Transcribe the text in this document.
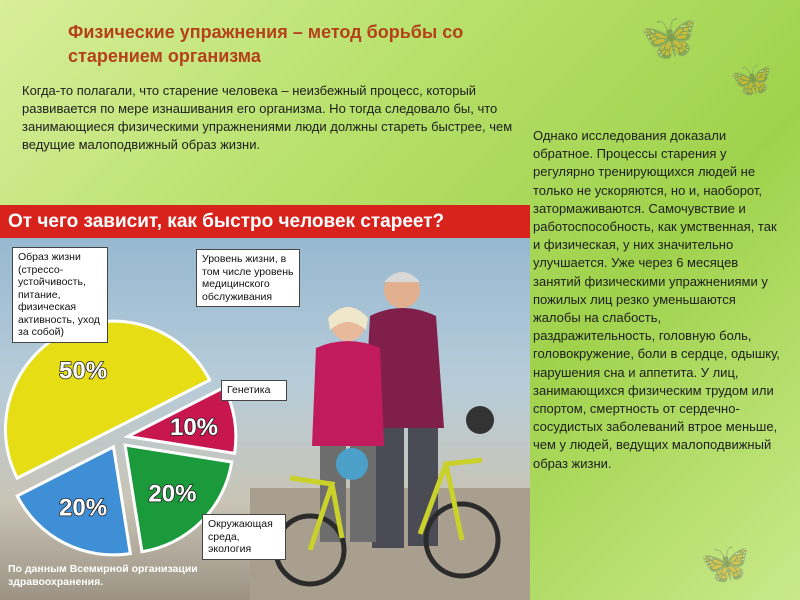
🦋
🦋
🦋
Физические упражнения – метод борьбы со старением организма
Когда-то полагали, что старение человека – неизбежный процесс, который развивается по мере изнашивания его организма. Но тогда следовало бы, что занимающиеся физическими упражнениями люди должны стареть быстрее, чем ведущие малоподвижный образ жизни.
Однако исследования доказали обратное. Процессы старения у регулярно тренирующихся людей не только не ускоряются, но и, наоборот, затормаживаются. Самочувствие и работоспособность, как умственная, так и физическая, у них значительно улучшается. Уже через 6 месяцев занятий физическими упражнениями у пожилых лиц резко уменьшаются жалобы на слабость, раздражительность, головную боль, головокружение, боли в сердце, одышку, нарушения сна и аппетита. У лиц, занимающихся физическим трудом или спортом, смертность от сердечно-сосудистых заболеваний втрое меньше, чем у людей, ведущих малоподвижный образ жизни.
От чего зависит, как быстро человек стареет?
10%
20%
20%
50%
Образ жизни (стрессо-устойчивость, питание, физическая активность, уход за собой)
Уровень жизни, в том числе уровень медицинского обслуживания
Генетика
Окружающая среда, экология
По данным Всемирной организации здравоохранения.
